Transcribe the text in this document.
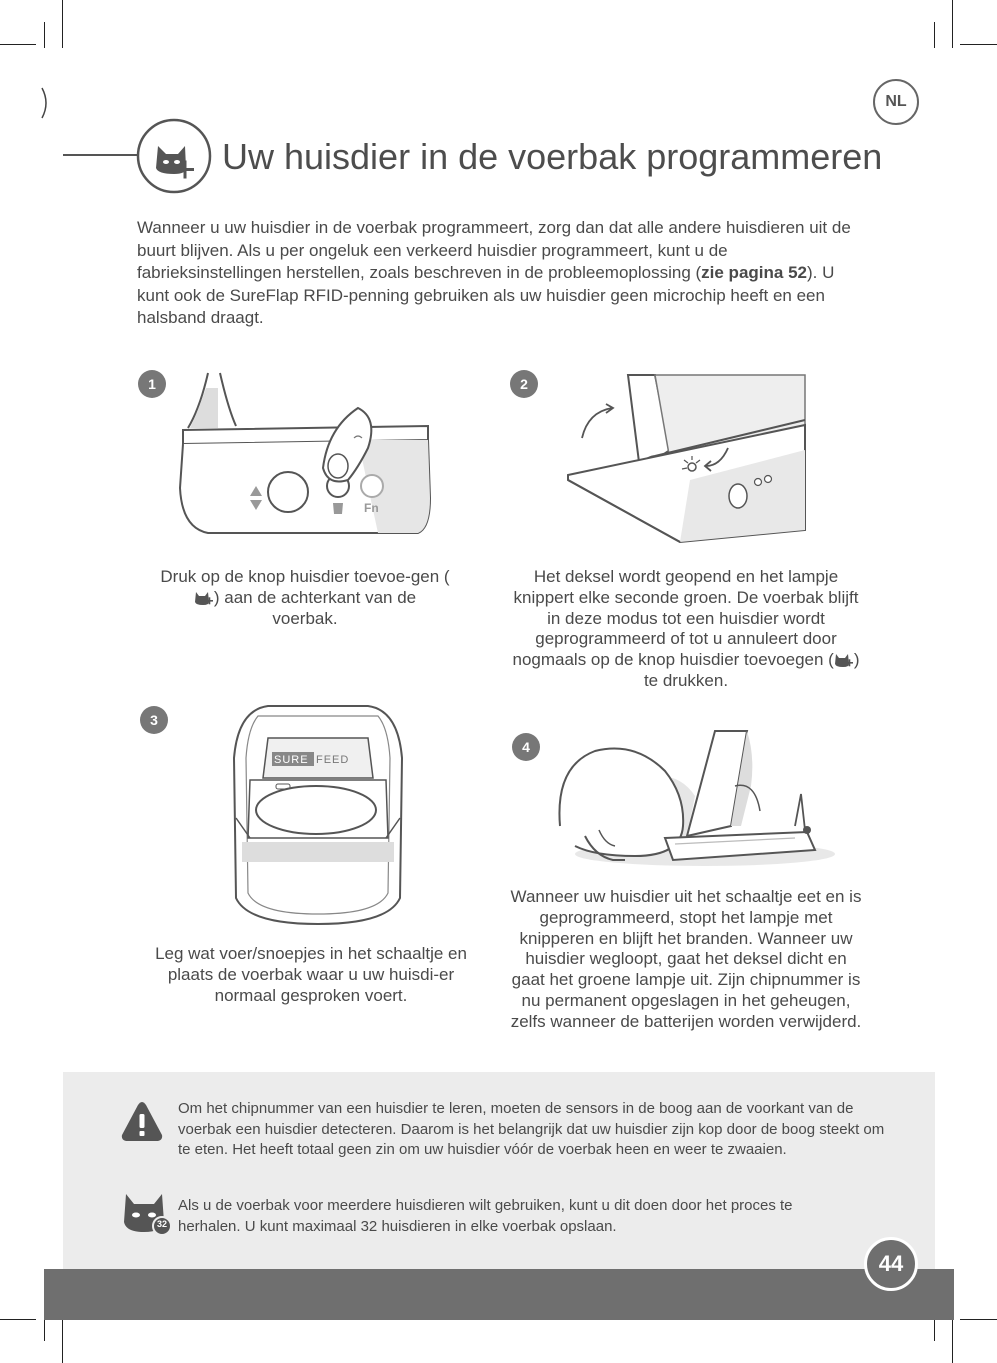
NL
Uw huisdier in de voerbak programmeren
Wanneer u uw huisdier in de voerbak programmeert, zorg dan dat alle andere huisdieren uit de buurt blijven. Als u per ongeluk een verkeerd huisdier programmeert, kunt u de fabrieksinstellingen herstellen, zoals beschreven in de probleemoplossing (zie pagina 52). U kunt ook de SureFlap RFID-penning gebruiken als uw huisdier geen microchip heeft en een halsband draagt.
1
Fn
Druk op de knop huisdier toevoe-gen () aan de achterkant van de voerbak.
2
Het deksel wordt geopend en het lampje knippert elke seconde groen. De voerbak blijft in deze modus tot een huisdier wordt geprogrammeerd of tot u annuleert door nogmaals op de knop huisdier toevoegen ( ) te drukken.
3
SURE FEED
Leg wat voer/snoepjes in het schaaltje en plaats de voerbak waar u uw huisdi-er normaal gesproken voert.
4
Wanneer uw huisdier uit het schaaltje eet en is geprogrammeerd, stopt het lampje met knipperen en blijft het branden. Wanneer uw huisdier wegloopt, gaat het deksel dicht en gaat het groene lampje uit. Zijn chipnummer is nu permanent opgeslagen in het geheugen, zelfs wanneer de batterijen worden verwijderd.
Om het chipnummer van een huisdier te leren, moeten de sensors in de boog aan de voorkant van de voerbak een huisdier detecteren. Daarom is het belangrijk dat uw huisdier zijn kop door de boog steekt om te eten. Het heeft totaal geen zin om uw huisdier vóór de voerbak heen en weer te zwaaien.
32
Als u de voerbak voor meerdere huisdieren wilt gebruiken, kunt u dit doen door het proces te herhalen. U kunt maximaal 32 huisdieren in elke voerbak opslaan.
44
